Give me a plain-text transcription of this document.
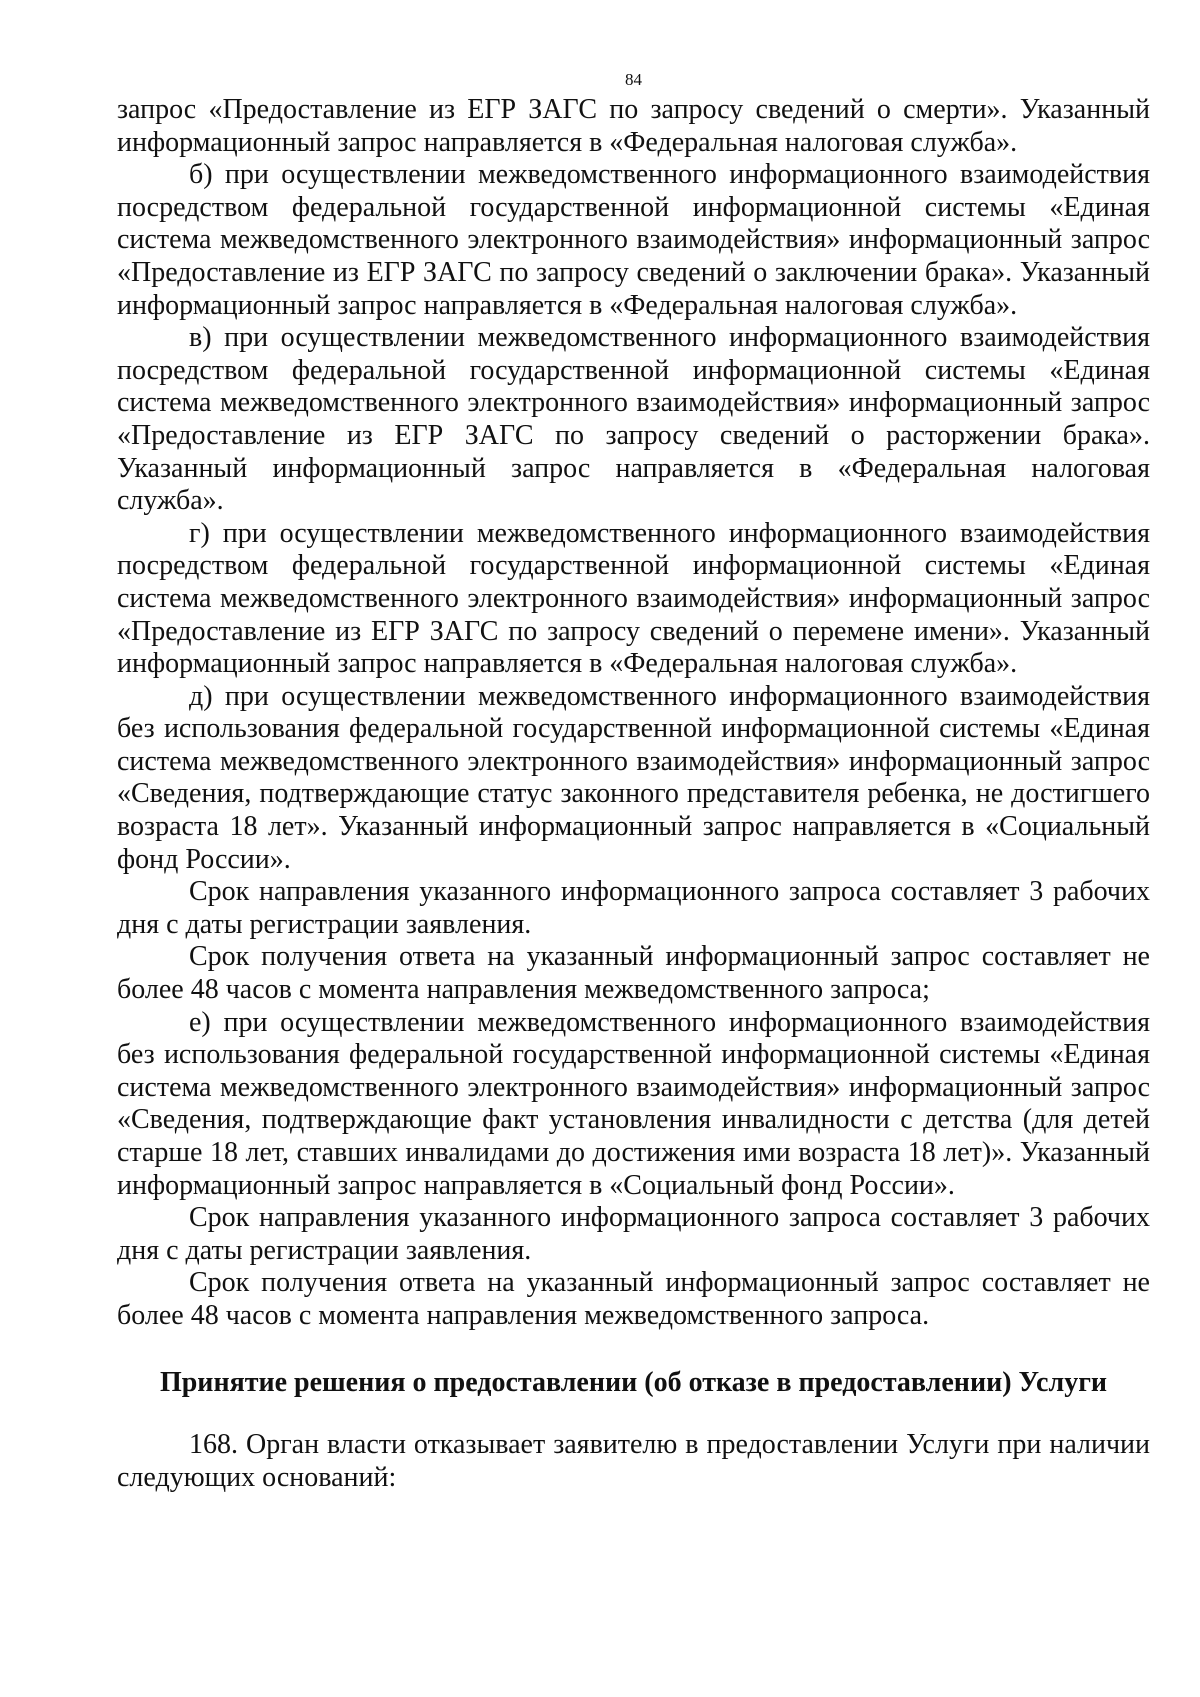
84

запрос «Предоставление из ЕГР ЗАГС по запросу сведений о смерти». Указанный информационный запрос направляется в «Федеральная налоговая служба».

б) при осуществлении межведомственного информационного взаимодействия посредством федеральной государственной информационной системы «Единая система межведомственного электронного взаимодействия» информационный запрос «Предоставление из ЕГР ЗАГС по запросу сведений о заключении брака». Указанный информационный запрос направляется в «Федеральная налоговая служба».

в) при осуществлении межведомственного информационного взаимодействия посредством федеральной государственной информационной системы «Единая система межведомственного электронного взаимодействия» информационный запрос «Предоставление из ЕГР ЗАГС по запросу сведений о расторжении брака». Указанный информационный запрос направляется в «Федеральная налоговая служба».

г) при осуществлении межведомственного информационного взаимодействия посредством федеральной государственной информационной системы «Единая система межведомственного электронного взаимодействия» информационный запрос «Предоставление из ЕГР ЗАГС по запросу сведений о перемене имени». Указанный информационный запрос направляется в «Федеральная налоговая служба».

д) при осуществлении межведомственного информационного взаимодействия без использования федеральной государственной информационной системы «Единая система межведомственного электронного взаимодействия» информационный запрос «Сведения, подтверждающие статус законного представителя ребенка, не достигшего возраста 18 лет». Указанный информационный запрос направляется в «Социальный фонд России».

Срок направления указанного информационного запроса составляет 3 рабочих дня с даты регистрации заявления.

Срок получения ответа на указанный информационный запрос составляет не более 48 часов с момента направления межведомственного запроса;

е) при осуществлении межведомственного информационного взаимодействия без использования федеральной государственной информационной системы «Единая система межведомственного электронного взаимодействия» информационный запрос «Сведения, подтверждающие факт установления инвалидности с детства (для детей старше 18 лет, ставших инвалидами до достижения ими возраста 18 лет)». Указанный информационный запрос направляется в «Социальный фонд России».

Срок направления указанного информационного запроса составляет 3 рабочих дня с даты регистрации заявления.

Срок получения ответа на указанный информационный запрос составляет не более 48 часов с момента направления межведомственного запроса.

Принятие решения о предоставлении (об отказе в предоставлении) Услуги

168. Орган власти отказывает заявителю в предоставлении Услуги при наличии следующих оснований:
